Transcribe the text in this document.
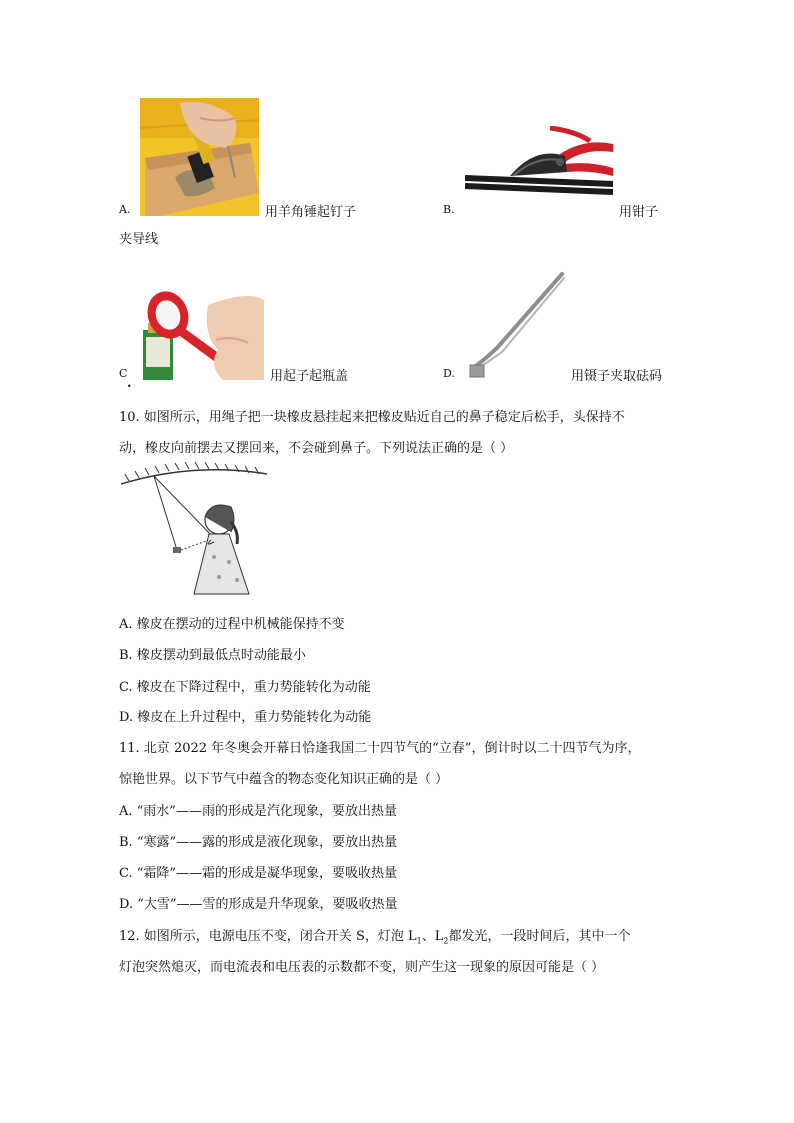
A.	用羊角锤起钉子	B.	用钳子
夹导线
C
.	用起子起瓶盖	D.	用镊子夹取砝码
10. 如图所示，用绳子把一块橡皮悬挂起来把橡皮贴近自己的鼻子稳定后松手，头保持不
动，橡皮向前摆去又摆回来，不会碰到鼻子。下列说法正确的是（ ）
A. 橡皮在摆动的过程中机械能保持不变
B. 橡皮摆动到最低点时动能最小
C. 橡皮在下降过程中，重力势能转化为动能
D. 橡皮在上升过程中，重力势能转化为动能
11. 北京 2022 年冬奥会开幕日恰逢我国二十四节气的“立春”，倒计时以二十四节气为序，
惊艳世界。以下节气中蕴含的物态变化知识正确的是（ ）
A. “雨水”——雨的形成是汽化现象，要放出热量
B. “寒露”——露的形成是液化现象，要放出热量
C. “霜降”——霜的形成是凝华现象，要吸收热量
D. “大雪”——雪的形成是升华现象，要吸收热量
12. 如图所示，电源电压不变，闭合开关 S，灯泡 $L_1$、$L_2$都发光，一段时间后，其中一个
灯泡突然熄灭，而电流表和电压表的示数都不变，则产生这一现象的原因可能是（ ）
